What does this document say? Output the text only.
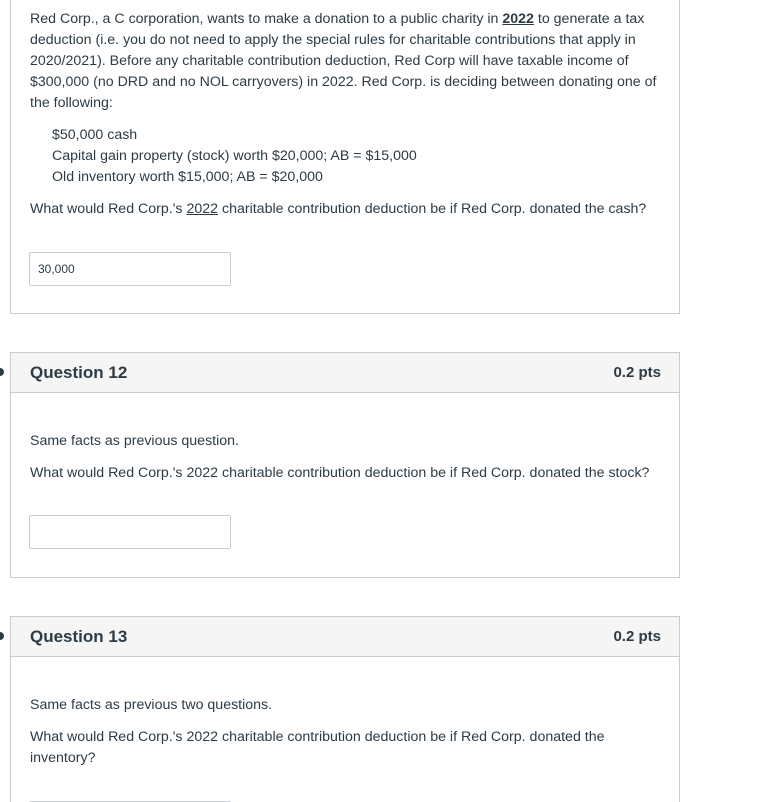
Red Corp., a C corporation, wants to make a donation to a public charity in 2022 to generate a tax deduction (i.e. you do not need to apply the special rules for charitable contributions that apply in 2020/2021). Before any charitable contribution deduction, Red Corp will have taxable income of $300,000 (no DRD and no NOL carryovers) in 2022. Red Corp. is deciding between donating one of the following:

$50,000 cash

Capital gain property (stock) worth $20,000; AB = $15,000

Old inventory worth $15,000; AB = $20,000

What would Red Corp.'s 2022 charitable contribution deduction be if Red Corp. donated the cash?

30,000
Question 12	0.2 pts

Same facts as previous question.

What would Red Corp.'s 2022 charitable contribution deduction be if Red Corp. donated the stock?

Question 13	0.2 pts

Same facts as previous two questions.

What would Red Corp.'s 2022 charitable contribution deduction be if Red Corp. donated the inventory?
